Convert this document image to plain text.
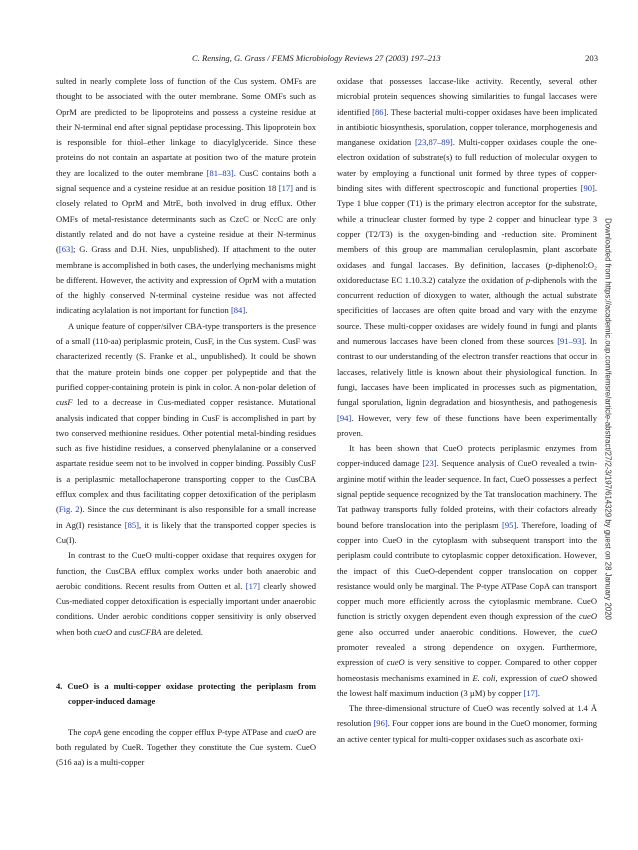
C. Rensing, G. Grass / FEMS Microbiology Reviews 27 (2003) 197–213	203

sulted in nearly complete loss of function of the Cus system. OMFs are thought to be associated with the outer membrane. Some OMFs such as OprM are predicted to be lipoproteins and possess a cysteine residue at their N-terminal end after signal peptidase processing. This lipoprotein box is responsible for thiol–ether linkage to diacylglyceride. Since these proteins do not contain an aspartate at position two of the mature protein they are localized to the outer membrane [81–83]. CusC contains both a signal sequence and a cysteine residue at an residue position 18 [17] and is closely related to OprM and MtrE, both involved in drug efflux. Other OMFs of metal-resistance determinants such as CzcC or NccC are only distantly related and do not have a cysteine residue at their N-terminus ([63]; G. Grass and D.H. Nies, unpublished). If attachment to the outer membrane is accomplished in both cases, the underlying mechanisms might be different. However, the activity and expression of OprM with a mutation of the highly conserved N-terminal cysteine residue was not affected indicating acylalation is not important for function [84].

A unique feature of copper/silver CBA-type transporters is the presence of a small (110-aa) periplasmic protein, CusF, in the Cus system. CusF was characterized recently (S. Franke et al., unpublished). It could be shown that the mature protein binds one copper per polypeptide and that the purified copper-containing protein is pink in color. A non-polar deletion of cusF led to a decrease in Cus-mediated copper resistance. Mutational analysis indicated that copper binding in CusF is accomplished in part by two conserved methionine residues. Other potential metal-binding residues such as five histidine residues, a conserved phenylalanine or a conserved aspartate residue seem not to be involved in copper binding. Possibly CusF is a periplasmic metallochaperone transporting copper to the CusCBA efflux complex and thus facilitating copper detoxification of the periplasm (Fig. 2). Since the cus determinant is also responsible for a small increase in Ag(I) resistance [85], it is likely that the transported copper species is Cu(I).

In contrast to the CueO multi-copper oxidase that requires oxygen for function, the CusCBA efflux complex works under both anaerobic and aerobic conditions. Recent results from Outten et al. [17] clearly showed Cus-mediated copper detoxification is especially important under anaerobic conditions. Under aerobic conditions copper sensitivity is only observed when both cueO and cusCFBA are deleted.

4. CueO is a multi-copper oxidase protecting the periplasm from copper-induced damage

The copA gene encoding the copper efflux P-type ATPase and cueO are both regulated by CueR. Together they constitute the Cue system. CueO (516 aa) is a multi-copper

oxidase that possesses laccase-like activity. Recently, several other microbial protein sequences showing similarities to fungal laccases were identified [86]. These bacterial multi-copper oxidases have been implicated in antibiotic biosynthesis, sporulation, copper tolerance, morphogenesis and manganese oxidation [23,87–89]. Multi-copper oxidases couple the one-electron oxidation of substrate(s) to full reduction of molecular oxygen to water by employing a functional unit formed by three types of copper-binding sites with different spectroscopic and functional properties [90]. Type 1 blue copper (T1) is the primary electron acceptor for the substrate, while a trinuclear cluster formed by type 2 copper and binuclear type 3 copper (T2/T3) is the oxygen-binding and -reduction site. Prominent members of this group are mammalian ceruloplasmin, plant ascorbate oxidases and fungal laccases. By definition, laccases (p-diphenol:O₂ oxidoreductase EC 1.10.3.2) catalyze the oxidation of p-diphenols with the concurrent reduction of dioxygen to water, although the actual substrate specificities of laccases are often quite broad and vary with the enzyme source. These multi-copper oxidases are widely found in fungi and plants and numerous laccases have been cloned from these sources [91–93]. In contrast to our understanding of the electron transfer reactions that occur in laccases, relatively little is known about their physiological function. In fungi, laccases have been implicated in processes such as pigmentation, fungal sporulation, lignin degradation and biosynthesis, and pathogenesis [94]. However, very few of these functions have been experimentally proven.

It has been shown that CueO protects periplasmic enzymes from copper-induced damage [23]. Sequence analysis of CueO revealed a twin-arginine motif within the leader sequence. In fact, CueO possesses a perfect signal peptide sequence recognized by the Tat translocation machinery. The Tat pathway transports fully folded proteins, with their cofactors already bound before translocation into the periplasm [95]. Therefore, loading of copper into CueO in the cytoplasm with subsequent transport into the periplasm could contribute to cytoplasmic copper detoxification. However, the impact of this CueO-dependent copper translocation on copper resistance would only be marginal. The P-type ATPase CopA can transport copper much more efficiently across the cytoplasmic membrane. CueO function is strictly oxygen dependent even though expression of the cueO gene also occurred under anaerobic conditions. However, the cueO promoter revealed a strong dependence on oxygen. Furthermore, expression of cueO is very sensitive to copper. Compared to other copper homeostasis mechanisms examined in E. coli, expression of cueO showed the lowest half maximum induction (3 µM) by copper [17].

The three-dimensional structure of CueO was recently solved at 1.4 Å resolution [96]. Four copper ions are bound in the CueO monomer, forming an active center typical for multi-copper oxidases such as ascorbate oxi-

Downloaded from https://academic.oup.com/femsre/article-abstract/27/2-3/197/614329 by guest on 28 January 2020
